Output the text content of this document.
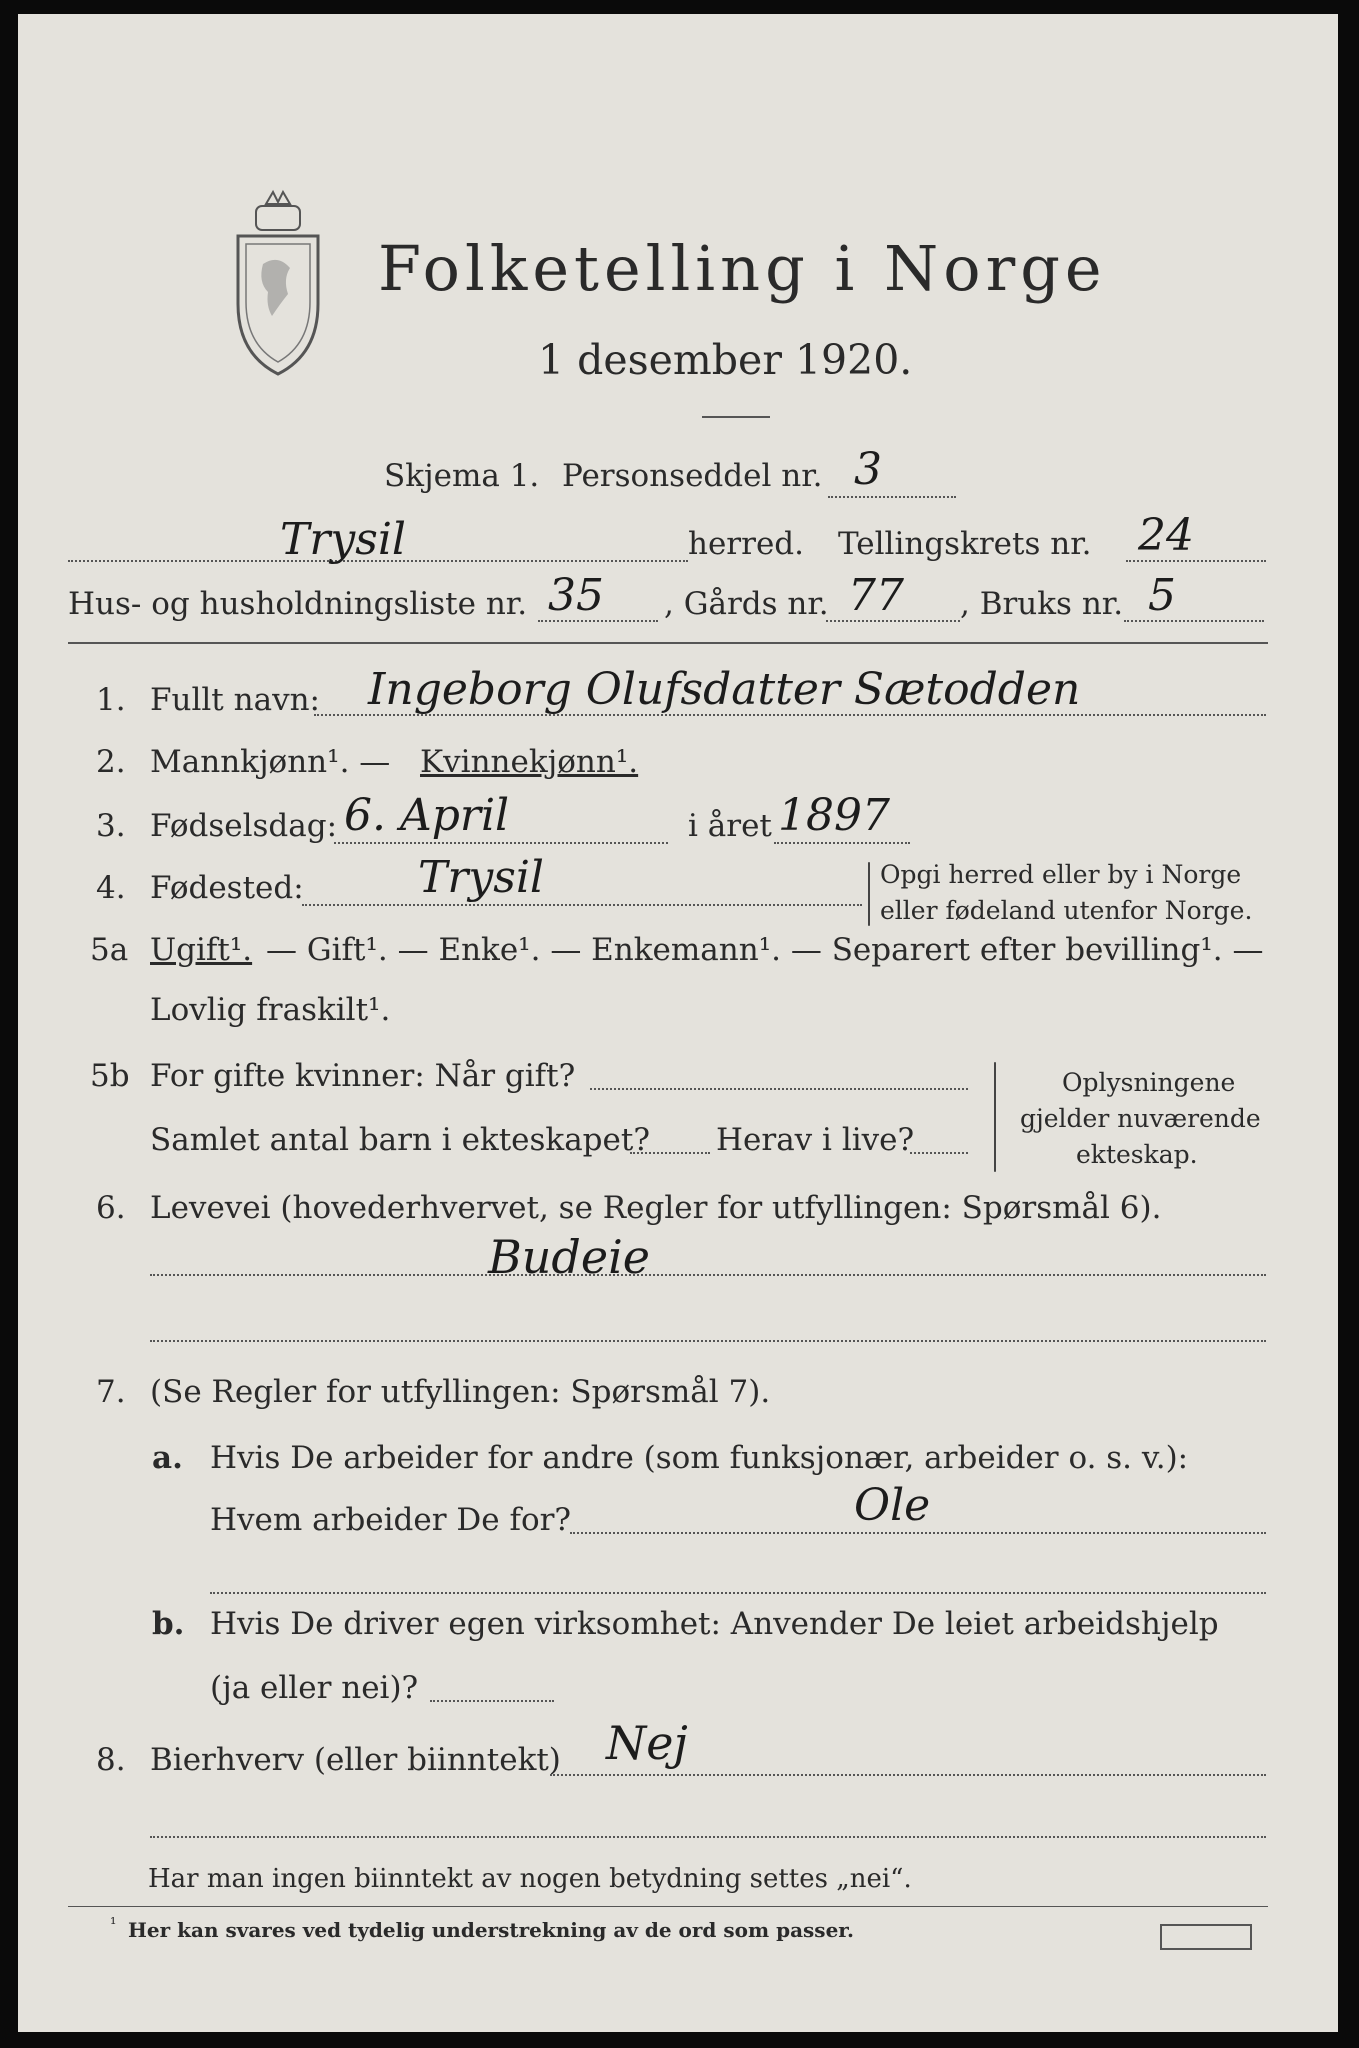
Folketelling i Norge
1 desember 1920.
Skjema 1. Personseddel nr. 3
Trysil	herred. Tellingskrets nr. 24
Hus- og husholdningsliste nr. 35 , Gårds nr. 77 , Bruks nr. 5
1. Fullt navn: Ingeborg Olufsdatter Sætodden
2. Mannkjønn¹. — Kvinnekjønn¹.
3. Fødselsdag: 6. April	i året 1897
4. Fødested:	Trysil	Opgi herred eller by i Norge
eller fødeland utenfor Norge.
5a Ugift¹. — Gift¹. — Enke¹. — Enkemann¹. — Separert efter bevilling¹. —
Lovlig fraskilt¹.
5b For gifte kvinner: Når gift?
Samlet antal barn i ekteskapet? Herav i live?
Oplysningene
gjelder nuværende
ekteskap.
6. Levevei (hovederhvervet, se Regler for utfyllingen: Spørsmål 6).
Budeie
7. (Se Regler for utfyllingen: Spørsmål 7).
a. Hvis De arbeider for andre (som funksjonær, arbeider o. s. v.):
Hvem arbeider De for?	Ole
b. Hvis De driver egen virksomhet: Anvender De leiet arbeidshjelp
(ja eller nei)?
8. Bierhverv (eller biinntekt) Nej
Har man ingen biinntekt av nogen betydning settes „nei“.
¹ Her kan svares ved tydelig understrekning av de ord som passer.
